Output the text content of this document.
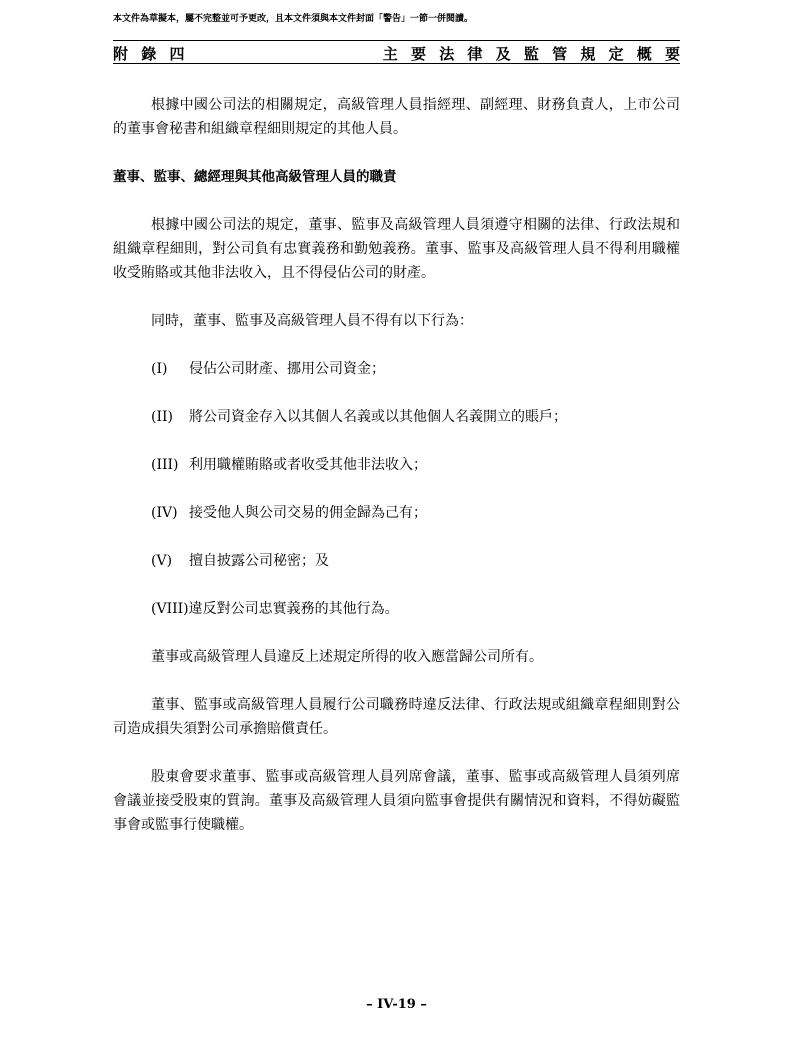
本文件為草擬本，屬不完整並可予更改，且本文件須與本文件封面「警告」一節一併閱讀。
附 錄 四	主 要 法 律 及 監 管 規 定 概 要

根據中國公司法的相關規定，高級管理人員指經理、副經理、財務負責人，上市公司的董事會秘書和組織章程細則規定的其他人員。

董事、監事、總經理與其他高級管理人員的職責

根據中國公司法的規定，董事、監事及高級管理人員須遵守相關的法律、行政法規和組織章程細則，對公司負有忠實義務和勤勉義務。董事、監事及高級管理人員不得利用職權收受賄賂或其他非法收入，且不得侵佔公司的財產。

同時，董事、監事及高級管理人員不得有以下行為：

(I)	侵佔公司財產、挪用公司資金；
(II)	將公司資金存入以其個人名義或以其他個人名義開立的賬戶；
(III) 利用職權賄賂或者收受其他非法收入；
(IV) 接受他人與公司交易的佣金歸為己有；
(V)	擅自披露公司秘密；及
(VIII) 違反對公司忠實義務的其他行為。

董事或高級管理人員違反上述規定所得的收入應當歸公司所有。

董事、監事或高級管理人員履行公司職務時違反法律、行政法規或組織章程細則對公司造成損失須對公司承擔賠償責任。

股東會要求董事、監事或高級管理人員列席會議，董事、監事或高級管理人員須列席會議並接受股東的質詢。董事及高級管理人員須向監事會提供有關情況和資料，不得妨礙監事會或監事行使職權。

– IV-19 –
